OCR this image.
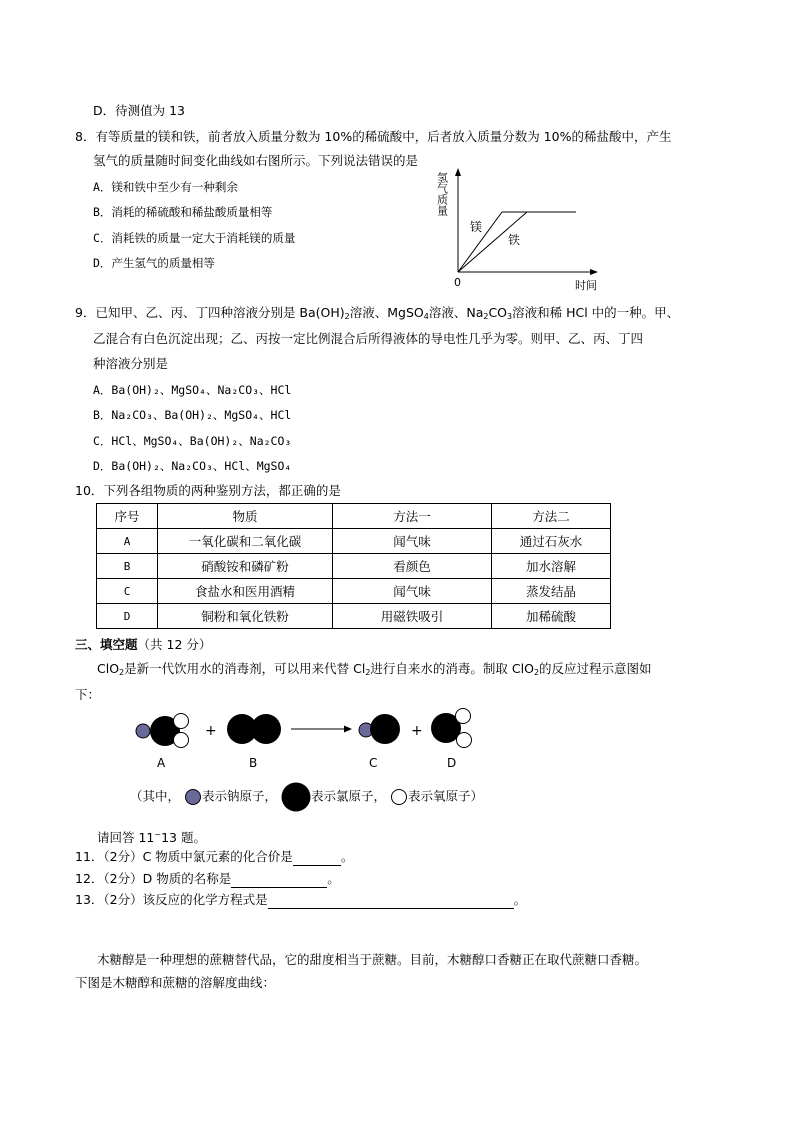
D．待测值为 13
8．有等质量的镁和铁，前者放入质量分数为 10%的稀硫酸中，后者放入质量分数为 10%的稀盐酸中，产生
氢气的质量随时间变化曲线如右图所示。下列说法错误的是
A．镁和铁中至少有一种剩余
B．消耗的稀硫酸和稀盐酸质量相等
C．消耗铁的质量一定大于消耗镁的质量
D．产生氢气的质量相等
氢气质量
0	时间
镁
铁
9．已知甲、乙、丙、丁四种溶液分别是 $Ba(OH)_2$溶液、MgSO$_4$溶液、$Na_2CO_3$溶液和稀 HCl 中的一种。甲、
乙混合有白色沉淀出现；乙、丙按一定比例混合后所得液体的导电性几乎为零。则甲、乙、丙、丁四
种溶液分别是
A．Ba(OH)₂、MgSO₄、Na₂CO₃、HCl
B．Na₂CO₃、Ba(OH)₂、MgSO₄、HCl
C．HCl、MgSO₄、Ba(OH)₂、Na₂CO₃
D．Ba(OH)₂、Na₂CO₃、HCl、MgSO₄
10．下列各组物质的两种鉴别方法，都正确的是
序号	物质	方法一	方法二
A	一氧化碳和二氧化碳	闻气味	通过石灰水
B	硝酸铵和磷矿粉	看颜色	加水溶解
C	食盐水和医用酒精	闻气味	蒸发结晶
D	铜粉和氧化铁粉	用磁铁吸引	加稀硫酸
三、填空题（共 12 分）
ClO$_2$是新一代饮用水的消毒剂，可以用来代替 $Cl_2$进行自来水的消毒。制取 ClO$_2$的反应过程示意图如
下：
+	+
A	B	C	D
（其中， 表示钠原子，	表示氯原子， 表示氧原子）
请回答 11~13 题。
11．（2分）C 物质中氯元素的化合价是	。
12．（2分）D 物质的名称是	。
13．（2分）该反应的化学方程式是	。
木糖醇是一种理想的蔗糖替代品，它的甜度相当于蔗糖。目前，木糖醇口香糖正在取代蔗糖口香糖。
下图是木糖醇和蔗糖的溶解度曲线：
